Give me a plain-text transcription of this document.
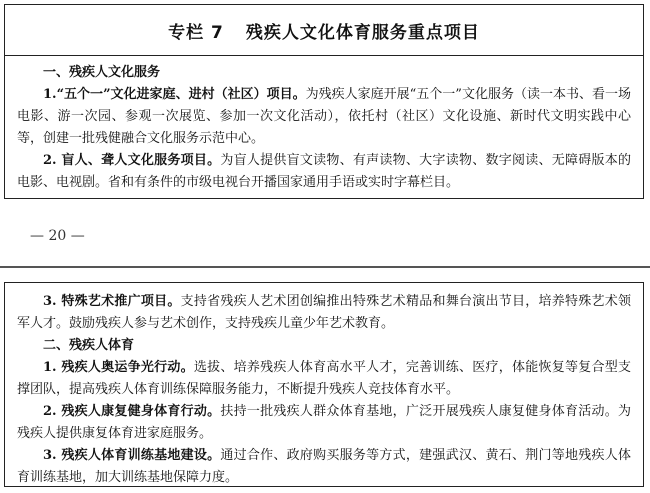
专栏 7 残疾人文化体育服务重点项目
一、残疾人文化服务

1.“五个一”文化进家庭、进村（社区）项目。为残疾人家庭开展“五个一”文化服务（读一本书、看一场电影、游一次园、参观一次展览、参加一次文化活动），依托村（社区）文化设施、新时代文明实践中心等，创建一批残健融合文化服务示范中心。

2. 盲人、聋人文化服务项目。为盲人提供盲文读物、有声读物、大字读物、数字阅读、无障碍版本的电影、电视剧。省和有条件的市级电视台开播国家通用手语或实时字幕栏目。

— 20 —

3. 特殊艺术推广项目。支持省残疾人艺术团创编推出特殊艺术精品和舞台演出节目，培养特殊艺术领军人才。鼓励残疾人参与艺术创作，支持残疾儿童少年艺术教育。

二、残疾人体育

1. 残疾人奥运争光行动。选拔、培养残疾人体育高水平人才，完善训练、医疗，体能恢复等复合型支撑团队，提高残疾人体育训练保障服务能力，不断提升残疾人竞技体育水平。

2. 残疾人康复健身体育行动。扶持一批残疾人群众体育基地，广泛开展残疾人康复健身体育活动。为残疾人提供康复体育进家庭服务。

3. 残疾人体育训练基地建设。通过合作、政府购买服务等方式，建强武汉、黄石、荆门等地残疾人体育训练基地，加大训练基地保障力度。
